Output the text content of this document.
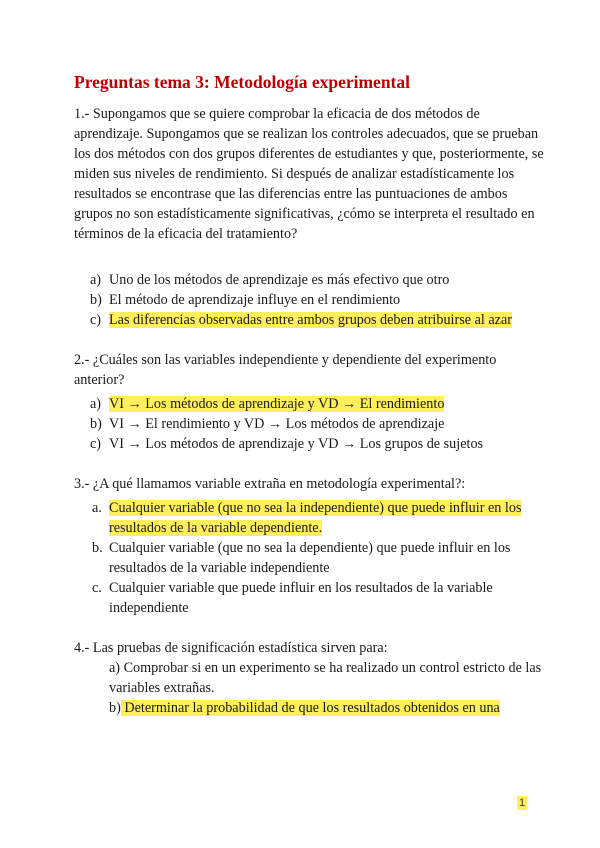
Preguntas tema 3: Metodología experimental

1.- Supongamos que se quiere comprobar la eficacia de dos métodos de aprendizaje. Supongamos que se realizan los controles adecuados, que se prueban los dos métodos con dos grupos diferentes de estudiantes y que, posteriormente, se miden sus niveles de rendimiento. Si después de analizar estadísticamente los resultados se encontrase que las diferencias entre las puntuaciones de ambos grupos no son estadísticamente significativas, ¿cómo se interpreta el resultado en términos de la eficacia del tratamiento?

a) Uno de los métodos de aprendizaje es más efectivo que otro
b) El método de aprendizaje influye en el rendimiento
c) Las diferencias observadas entre ambos grupos deben atribuirse al azar

2.- ¿Cuáles son las variables independiente y dependiente del experimento anterior?

a) VI → Los métodos de aprendizaje y VD → El rendimiento
b) VI → El rendimiento y VD → Los métodos de aprendizaje
c) VI → Los métodos de aprendizaje y VD → Los grupos de sujetos

3.- ¿A qué llamamos variable extraña en metodología experimental?:

a. Cualquier variable (que no sea la independiente) que puede influir en los resultados de la variable dependiente.
b. Cualquier variable (que no sea la dependiente) que puede influir en los resultados de la variable independiente
c. Cualquier variable que puede influir en los resultados de la variable independiente

4.- Las pruebas de significación estadística sirven para:

a) Comprobar si en un experimento se ha realizado un control estricto de las variables extrañas.
b) Determinar la probabilidad de que los resultados obtenidos en una
1
